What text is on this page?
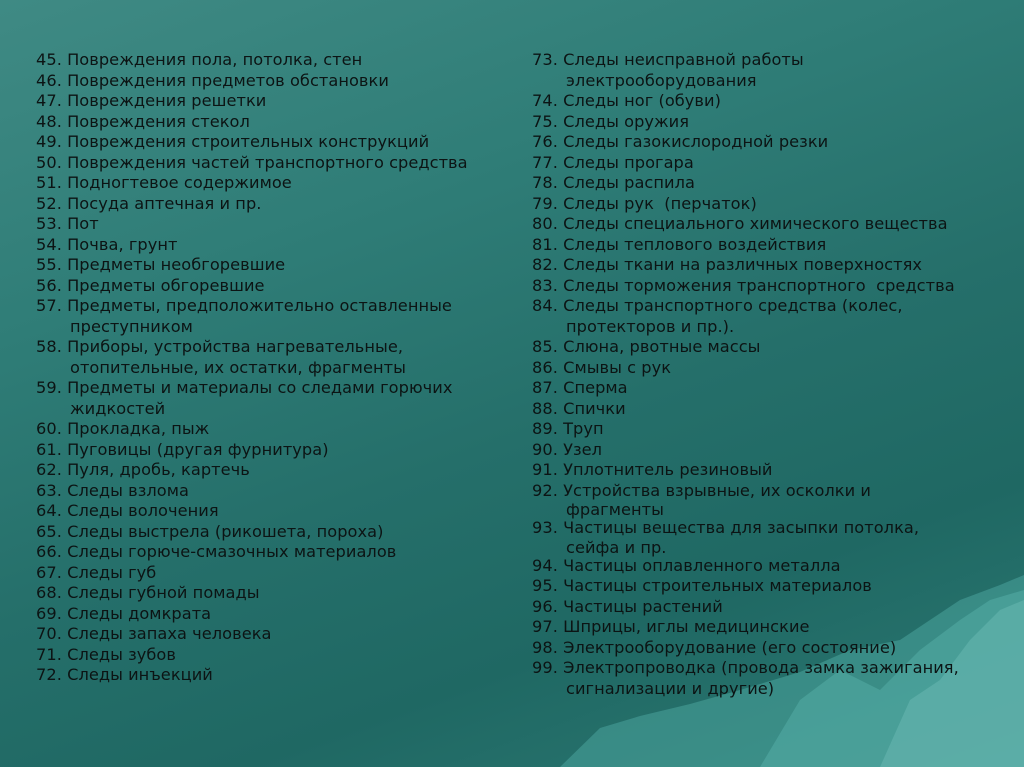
45. Повреждения пола, потолка, стен
46. Повреждения предметов обстановки
47. Повреждения решетки
48. Повреждения стекол
49. Повреждения строительных конструкций
50. Повреждения частей транспортного средства
51. Подногтевое содержимое
52. Посуда аптечная и пр.
53. Пот
54. Почва, грунт
55. Предметы необгоревшие
56. Предметы обгоревшие
57. Предметы, предположительно оставленные
преступником
58. Приборы, устройства нагревательные,
отопительные, их остатки, фрагменты
59. Предметы и материалы со следами горючих
жидкостей
60. Прокладка, пыж
61. Пуговицы (другая фурнитура)
62. Пуля, дробь, картечь
63. Следы взлома
64. Следы волочения
65. Следы выстрела (рикошета, пороха)
66. Следы горюче-смазочных материалов
67. Следы губ
68. Следы губной помады
69. Следы домкрата
70. Следы запаха человека
71. Следы зубов
72. Следы инъекций
73. Следы неисправной работы
электрооборудования
74. Следы ног (обуви)
75. Следы оружия
76. Следы газокислородной резки
77. Следы прогара
78. Следы распила
79. Следы рук  (перчаток)
80. Следы специального химического вещества
81. Следы теплового воздействия
82. Следы ткани на различных поверхностях
83. Следы торможения транспортного  средства
84. Следы транспортного средства (колес,
протекторов и пр.).
85. Слюна, рвотные массы
86. Смывы с рук
87. Сперма
88. Спички
89. Труп
90. Узел
91. Уплотнитель резиновый
92. Устройства взрывные, их осколки и
фрагменты
93. Частицы вещества для засыпки потолка,
сейфа и пр.
94. Частицы оплавленного металла
95. Частицы строительных материалов
96. Частицы растений
97. Шприцы, иглы медицинские
98. Электрооборудование (его состояние)
99. Электропроводка (провода замка зажигания,
сигнализации и другие)
